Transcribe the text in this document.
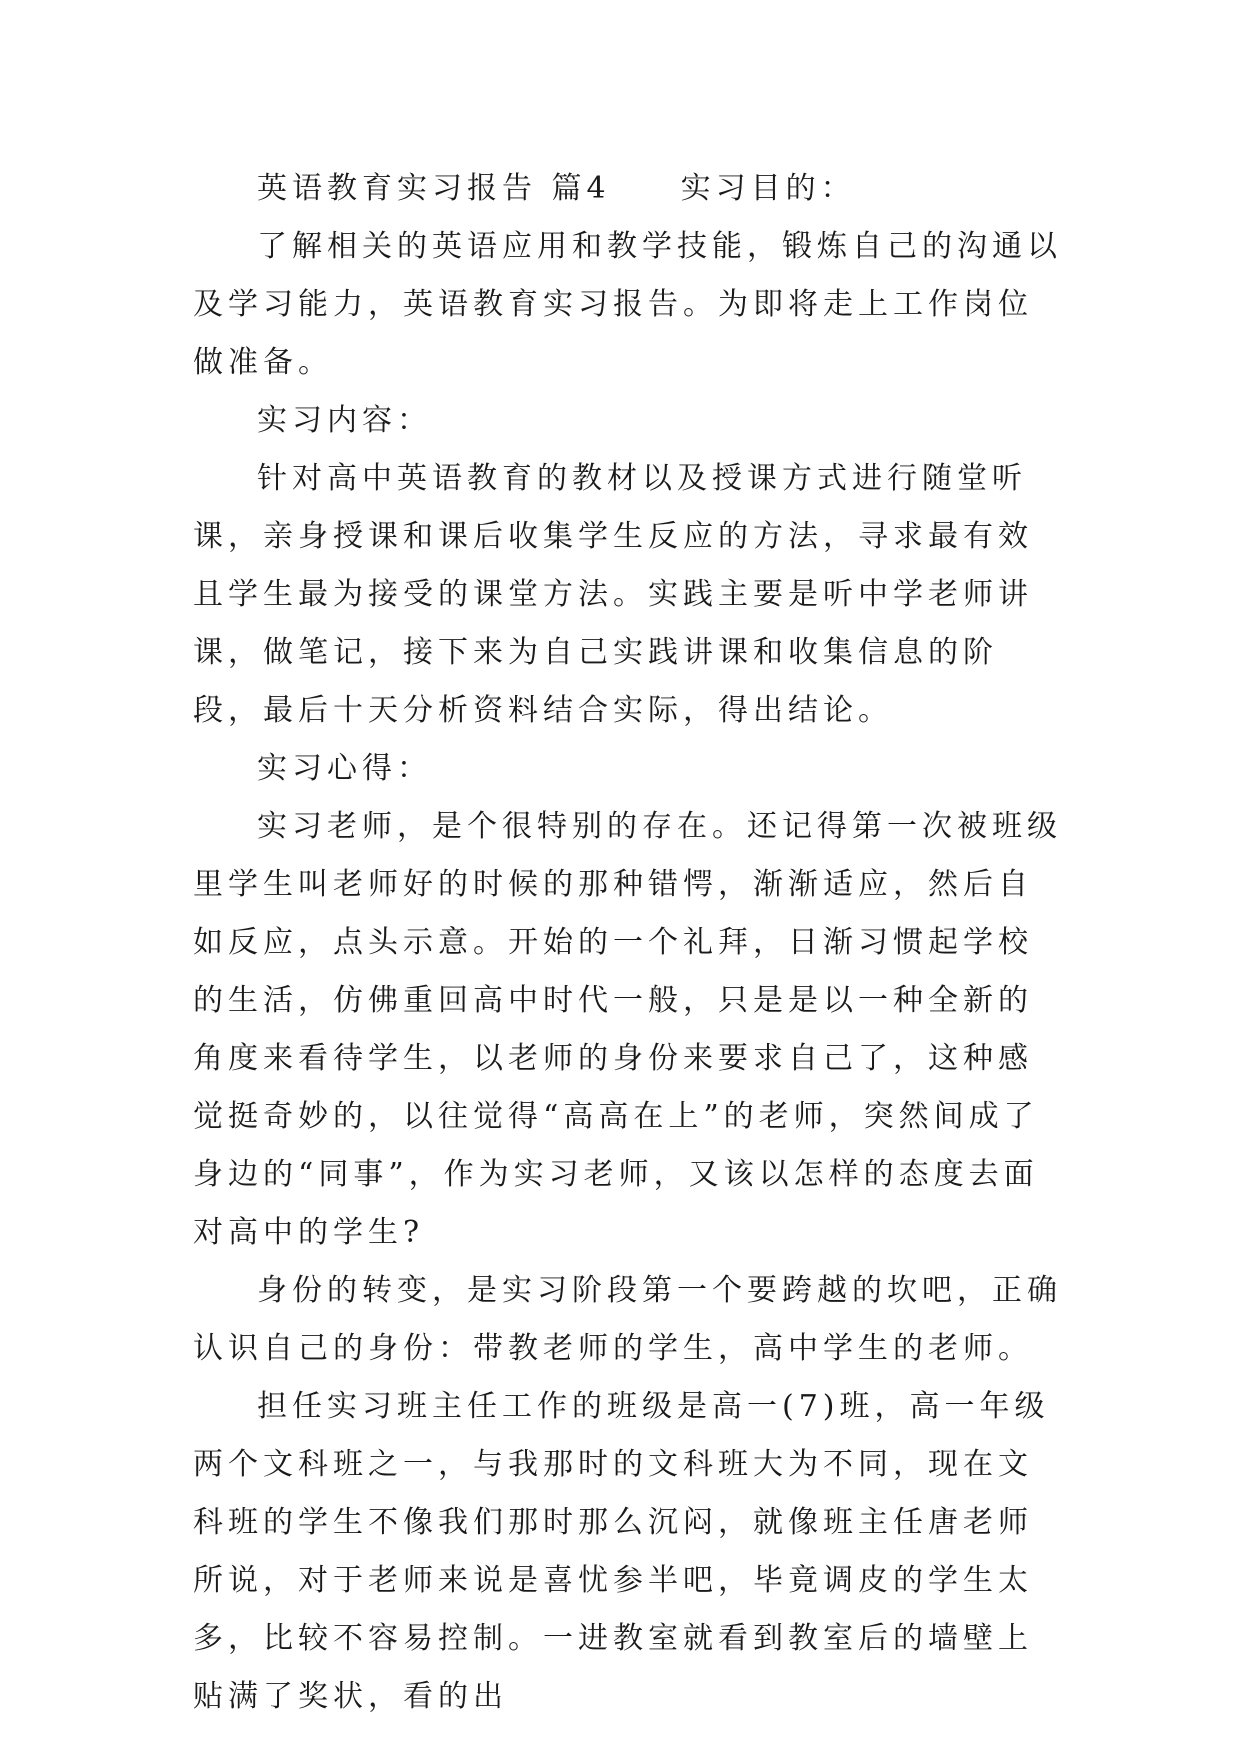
英语教育实习报告 篇4　　实习目的：

了解相关的英语应用和教学技能，锻炼自己的沟通以及学习能力，英语教育实习报告。为即将走上工作岗位做准备。

实习内容：

针对高中英语教育的教材以及授课方式进行随堂听课，亲身授课和课后收集学生反应的方法，寻求最有效且学生最为接受的课堂方法。实践主要是听中学老师讲课，做笔记，接下来为自己实践讲课和收集信息的阶段，最后十天分析资料结合实际，得出结论。

实习心得：

实习老师，是个很特别的存在。还记得第一次被班级里学生叫老师好的时候的那种错愕，渐渐适应，然后自如反应，点头示意。开始的一个礼拜，日渐习惯起学校的生活，仿佛重回高中时代一般，只是是以一种全新的角度来看待学生，以老师的身份来要求自己了，这种感觉挺奇妙的，以往觉得“高高在上”的老师，突然间成了身边的“同事”，作为实习老师，又该以怎样的态度去面对高中的学生?

身份的转变，是实习阶段第一个要跨越的坎吧，正确认识自己的身份：带教老师的学生，高中学生的老师。

担任实习班主任工作的班级是高一(7)班，高一年级两个文科班之一，与我那时的文科班大为不同，现在文科班的学生不像我们那时那么沉闷，就像班主任唐老师所说，对于老师来说是喜忧参半吧，毕竟调皮的学生太多，比较不容易控制。一进教室就看到教室后的墙壁上贴满了奖状，看的出
